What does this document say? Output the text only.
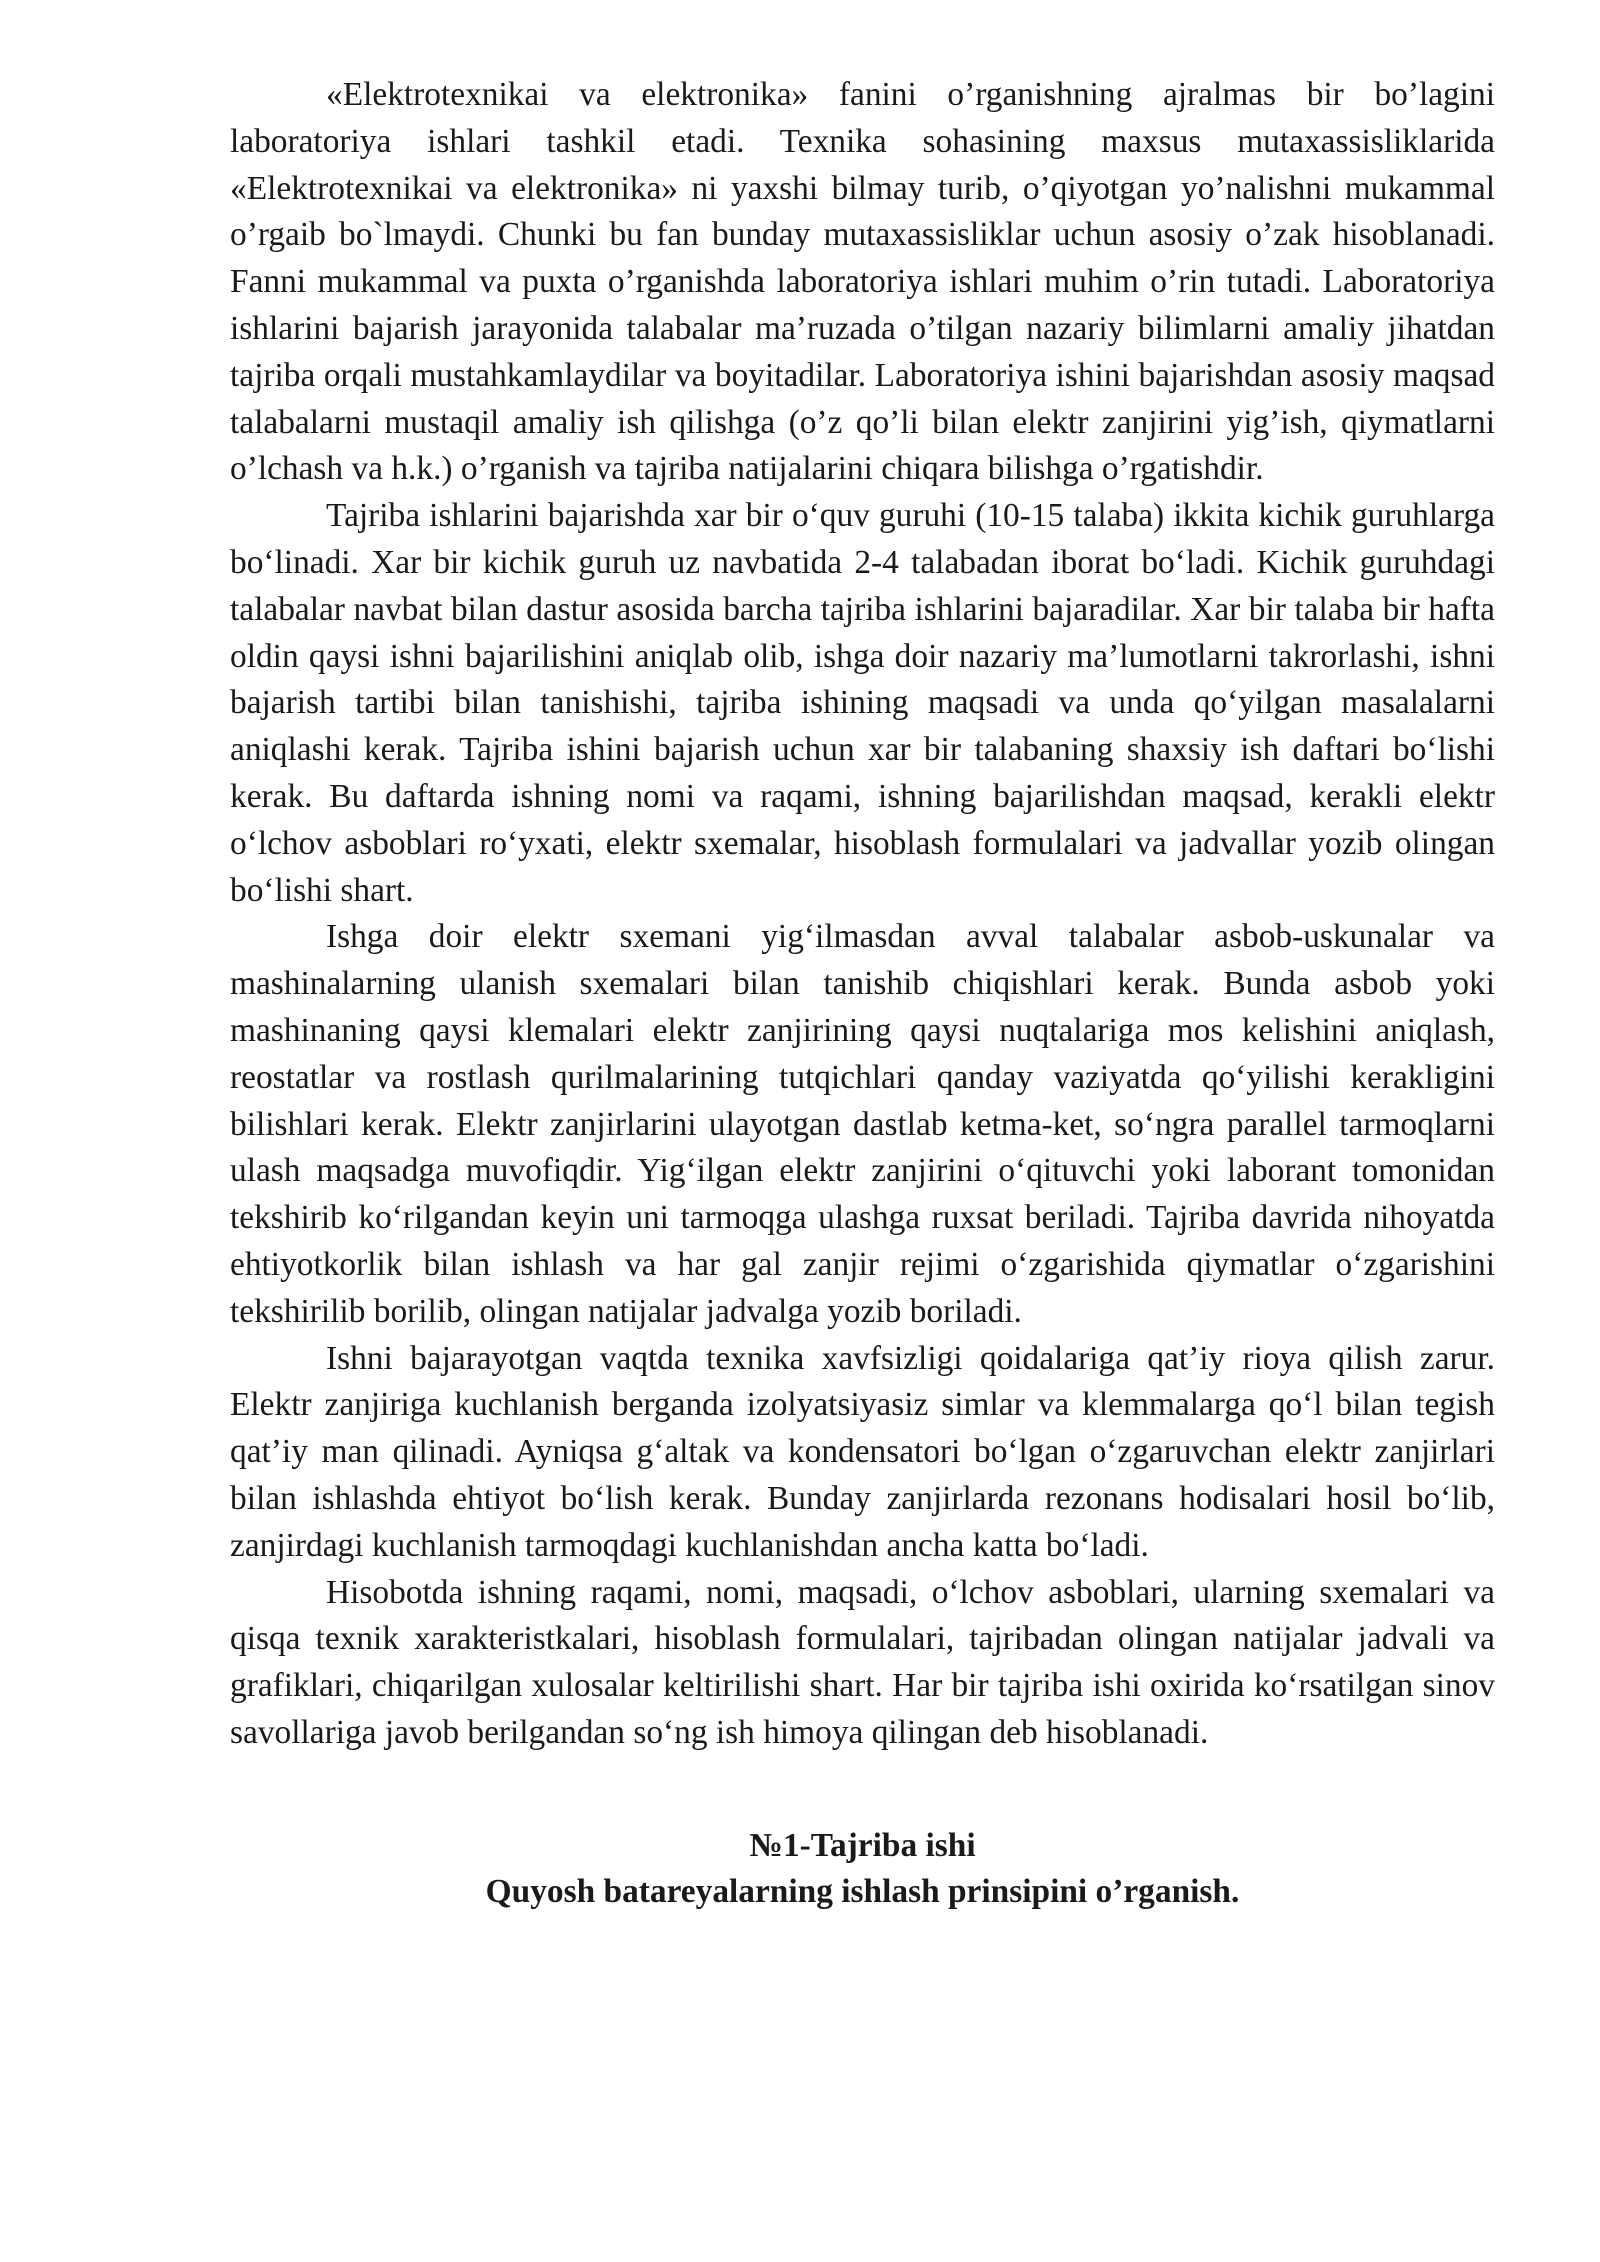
«Elektrotexnikai va elektronika» fanini o’rganishning ajralmas bir bo’lagini laboratoriya ishlari tashkil etadi. Texnika sohasining maxsus mutaxassisliklarida «Elektrotexnikai va elektronika» ni yaxshi bilmay turib, o’qiyotgan yo’nalishni mukammal o’rgaib bo`lmaydi. Chunki bu fan bunday mutaxassisliklar uchun asosiy o’zak hisoblanadi. Fanni mukammal va puxta o’rganishda laboratoriya ishlari muhim o’rin tutadi. Laboratoriya ishlarini bajarish jarayonida talabalar ma’ruzada o’tilgan nazariy bilimlarni amaliy jihatdan tajriba orqali mustahkamlaydilar va boyitadilar. Laboratoriya ishini bajarishdan asosiy maqsad talabalarni mustaqil amaliy ish qilishga (o’z qo’li bilan elektr zanjirini yig’ish, qiymatlarni o’lchash va h.k.) o’rganish va tajriba natijalarini chiqara bilishga o’rgatishdir.

Tajriba ishlarini bajarishda xar bir o‘quv guruhi (10-15 talaba) ikkita kichik guruhlarga bo‘linadi. Xar bir kichik guruh uz navbatida 2-4 talabadan iborat bo‘ladi. Kichik guruhdagi talabalar navbat bilan dastur asosida barcha tajriba ishlarini bajaradilar. Xar bir talaba bir hafta oldin qaysi ishni bajarilishini aniqlab olib, ishga doir nazariy ma’lumotlarni takrorlashi, ishni bajarish tartibi bilan tanishishi, tajriba ishining maqsadi va unda qo‘yilgan masalalarni aniqlashi kerak. Tajriba ishini bajarish uchun xar bir talabaning shaxsiy ish daftari bo‘lishi kerak. Bu daftarda ishning nomi va raqami, ishning bajarilishdan maqsad, kerakli elektr o‘lchov asboblari ro‘yxati, elektr sxemalar, hisoblash formulalari va jadvallar yozib olingan bo‘lishi shart.

Ishga doir elektr sxemani yig‘ilmasdan avval talabalar asbob-uskunalar va mashinalarning ulanish sxemalari bilan tanishib chiqishlari kerak. Bunda asbob yoki mashinaning qaysi klemalari elektr zanjirining qaysi nuqtalariga mos kelishini aniqlash, reostatlar va rostlash qurilmalarining tutqichlari qanday vaziyatda qo‘yilishi kerakligini bilishlari kerak. Elektr zanjirlarini ulayotgan dastlab ketma-ket, so‘ngra parallel tarmoqlarni ulash maqsadga muvofiqdir. Yig‘ilgan elektr zanjirini o‘qituvchi yoki laborant tomonidan tekshirib ko‘rilgandan keyin uni tarmoqga ulashga ruxsat beriladi. Tajriba davrida nihoyatda ehtiyotkorlik bilan ishlash va har gal zanjir rejimi o‘zgarishida qiymatlar o‘zgarishini tekshirilib borilib, olingan natijalar jadvalga yozib boriladi.

Ishni bajarayotgan vaqtda texnika xavfsizligi qoidalariga qat’iy rioya qilish zarur. Elektr zanjiriga kuchlanish berganda izolyatsiyasiz simlar va klemmalarga qo‘l bilan tegish qat’iy man qilinadi. Ayniqsa g‘altak va kondensatori bo‘lgan o‘zgaruvchan elektr zanjirlari bilan ishlashda ehtiyot bo‘lish kerak. Bunday zanjirlarda rezonans hodisalari hosil bo‘lib, zanjirdagi kuchlanish tarmoqdagi kuchlanishdan ancha katta bo‘ladi.

Hisobotda ishning raqami, nomi, maqsadi, o‘lchov asboblari, ularning sxemalari va qisqa texnik xarakteristkalari, hisoblash formulalari, tajribadan olingan natijalar jadvali va grafiklari, chiqarilgan xulosalar keltirilishi shart. Har bir tajriba ishi oxirida ko‘rsatilgan sinov savollariga javob berilgandan so‘ng ish himoya qilingan deb hisoblanadi.

№1-Tajriba ishi

Quyosh batareyalarning ishlash prinsipini o’rganish.
